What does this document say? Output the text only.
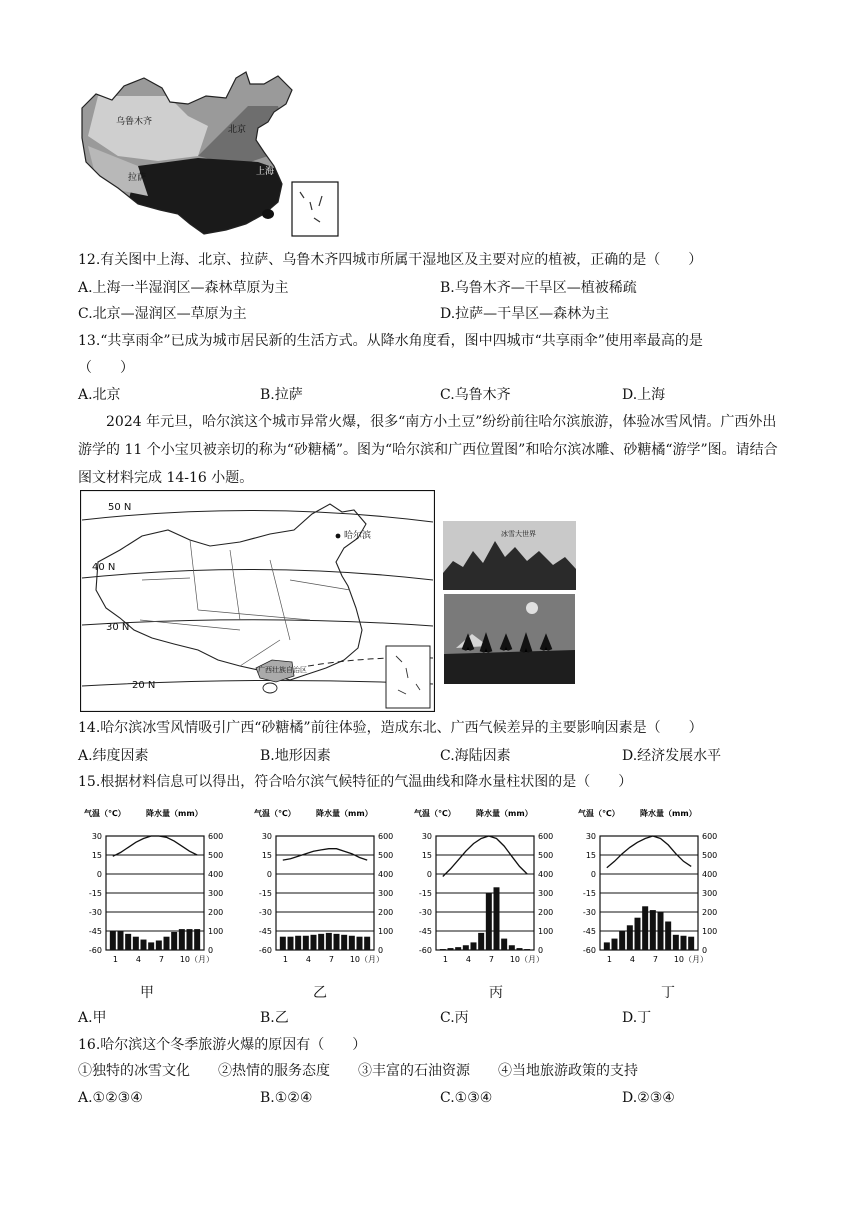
乌鲁木齐
北京
拉萨
上海
12.有关图中上海、北京、拉萨、乌鲁木齐四城市所属干湿地区及主要对应的植被，正确的是（　　）
A.上海一半湿润区—森林草原为主	B.乌鲁木齐—干旱区—植被稀疏
C.北京—湿润区—草原为主	D.拉萨—干旱区—森林为主
13.“共享雨伞”已成为城市居民新的生活方式。从降水角度看，图中四城市“共享雨伞”使用率最高的是
（　　）
A.北京	B.拉萨	C.乌鲁木齐	D.上海
2024 年元旦，哈尔滨这个城市异常火爆，很多“南方小土豆”纷纷前往哈尔滨旅游，体验冰雪风情。广西外出游学的 11 个小宝贝被亲切的称为“砂糖橘”。图为“哈尔滨和广西位置图”和哈尔滨冰雕、砂糖橘“游学”图。请结合图文材料完成 14-16 小题。
50 N
40 N
30 N
20 N
哈尔滨
广西壮族自治区
冰雪大世界
14.哈尔滨冰雪风情吸引广西“砂糖橘”前往体验，造成东北、广西气候差异的主要影响因素是（　　）
A.纬度因素	B.地形因素	C.海陆因素	D.经济发展水平
15.根据材料信息可以得出，符合哈尔滨气候特征的气温曲线和降水量柱状图的是（　　）
气温（℃）	降水量（mm）
30
15
0
-15
-30
-45
-60
600
500
400
300
200
100
0
1 4 7 10（月）
气温（℃）	降水量（mm）
30
15
0
-15
-30
-45
-60
600
500
400
300
200
100
0
1 4 7 10（月）
气温（℃）	降水量（mm）
30
15
0
-15
-30
-45
-60
600
500
400
300
200
100
0
1 4 7 10（月）
气温（℃）	降水量（mm）
30
15
0
-15
-30
-45
-60
600
500
400
300
200
100
0
1 4 7 10（月）
甲	乙	丙	丁
A.甲	B.乙	C.丙	D.丁
16.哈尔滨这个冬季旅游火爆的原因有（　　）
①独特的冰雪文化　　②热情的服务态度　　③丰富的石油资源　　④当地旅游政策的支持
A.①②③④	B.①②④	C.①③④	D.②③④
